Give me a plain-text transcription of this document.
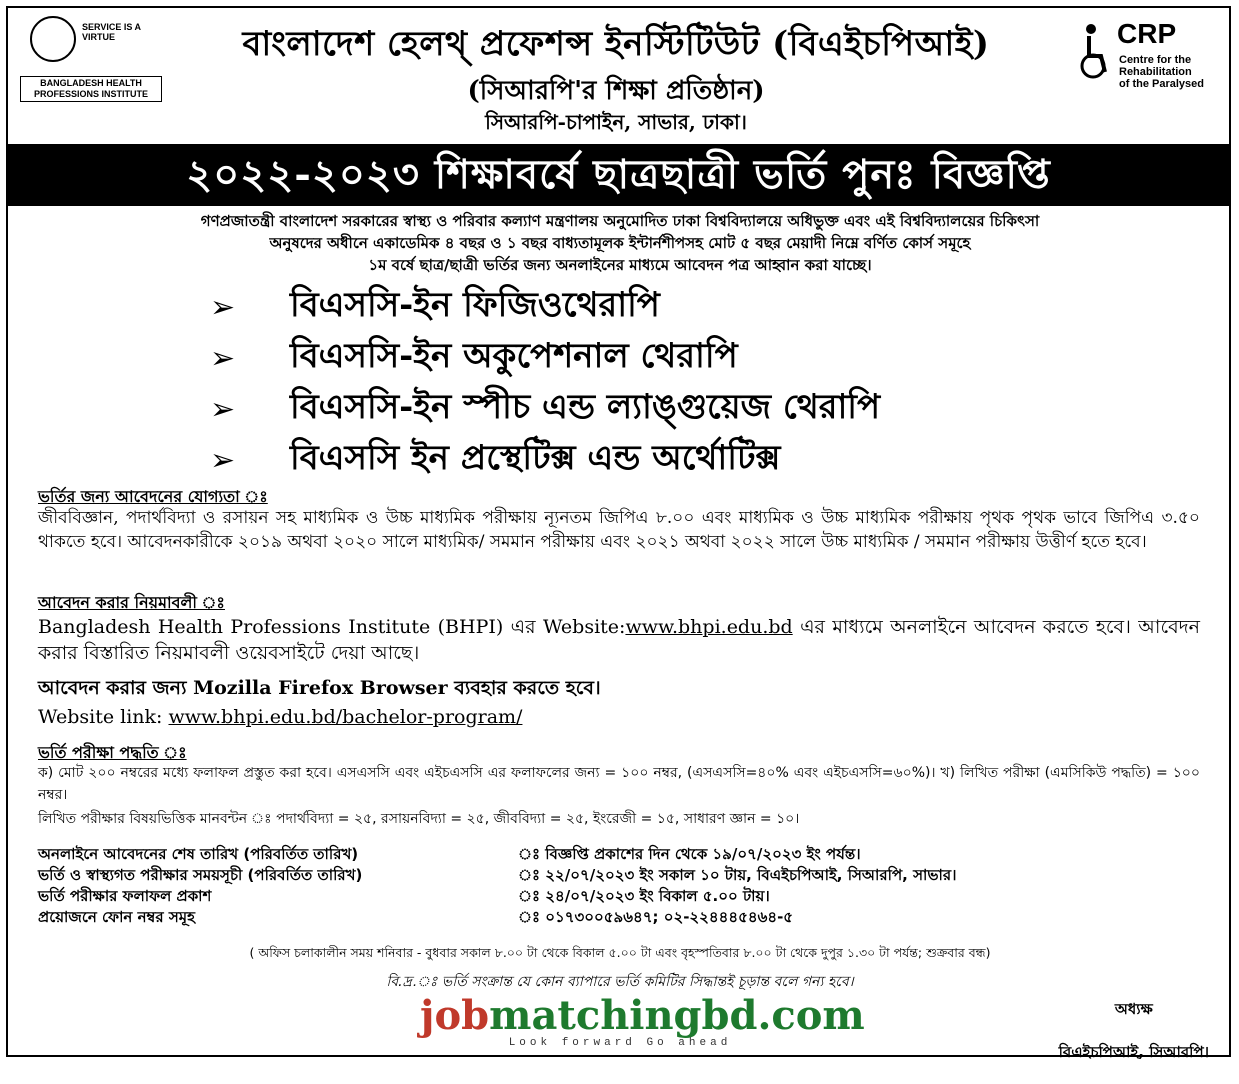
SERVICE IS A VIRTUE
BANGLADESH HEALTH
PROFESSIONS INSTITUTE
বাংলাদেশ হেলথ্ প্রফেশন্স ইনস্টিটিউট (বিএইচপিআই)
(সিআরপি'র শিক্ষা প্রতিষ্ঠান)
সিআরপি-চাপাইন, সাভার, ঢাকা।
CRP
Centre for the
Rehabilitation
of the Paralysed
২০২২-২০২৩ শিক্ষাবর্ষে ছাত্রছাত্রী ভর্তি পুনঃ বিজ্ঞপ্তি
গণপ্রজাতন্ত্রী বাংলাদেশ সরকারের স্বাস্থ্য ও পরিবার কল্যাণ মন্ত্রণালয় অনুমোদিত ঢাকা বিশ্ববিদ্যালয়ে অধিভুক্ত এবং এই বিশ্ববিদ্যালয়ের চিকিৎসা
অনুষদের অধীনে একাডেমিক ৪ বছর ও ১ বছর বাধ্যতামূলক ইন্টার্নশীপসহ মোট ৫ বছর মেয়াদী নিম্নে বর্ণিত কোর্স সমূহে
১ম বর্ষে ছাত্র/ছাত্রী ভর্তির জন্য অনলাইনের মাধ্যমে আবেদন পত্র আহ্বান করা যাচ্ছে।
➢	বিএসসি-ইন ফিজিওথেরাপি
➢	বিএসসি-ইন অকুপেশনাল থেরাপি
➢	বিএসসি-ইন স্পীচ এন্ড ল্যাঙ্গুয়েজ থেরাপি
➢	বিএসসি ইন প্রস্থেটিক্স এন্ড অর্থোটিক্স
ভর্তির জন্য আবেদনের যোগ্যতা ঃ
জীববিজ্ঞান, পদার্থবিদ্যা ও রসায়ন সহ মাধ্যমিক ও উচ্চ মাধ্যমিক পরীক্ষায় ন্যূনতম জিপিএ ৮.০০ এবং মাধ্যমিক ও উচ্চ মাধ্যমিক পরীক্ষায় পৃথক পৃথক ভাবে জিপিএ ৩.৫০ থাকতে হবে। আবেদনকারীকে ২০১৯ অথবা ২০২০ সালে মাধ্যমিক/ সমমান পরীক্ষায় এবং ২০২১ অথবা ২০২২ সালে উচ্চ মাধ্যমিক / সমমান পরীক্ষায় উত্তীর্ণ হতে হবে।
আবেদন করার নিয়মাবলী ঃ
Bangladesh Health Professions Institute (BHPI) এর Website:www.bhpi.edu.bd এর মাধ্যমে অনলাইনে আবেদন করতে হবে। আবেদন করার বিস্তারিত নিয়মাবলী ওয়েবসাইটে দেয়া আছে।
আবেদন করার জন্য Mozilla Firefox Browser ব্যবহার করতে হবে।
Website link: www.bhpi.edu.bd/bachelor-program/
ভর্তি পরীক্ষা পদ্ধতি ঃ
ক) মোট ২০০ নম্বরের মধ্যে ফলাফল প্রস্তুত করা হবে। এসএসসি এবং এইচএসসি এর ফলাফলের জন্য = ১০০ নম্বর, (এসএসসি=৪০% এবং এইচএসসি=৬০%)। খ) লিখিত পরীক্ষা (এমসিকিউ পদ্ধতি) = ১০০ নম্বর।
লিখিত পরীক্ষার বিষয়ভিত্তিক মানবন্টন ঃ পদার্থবিদ্যা = ২৫, রসায়নবিদ্যা = ২৫, জীববিদ্যা = ২৫, ইংরেজী = ১৫, সাধারণ জ্ঞান = ১০।
অনলাইনে আবেদনের শেষ তারিখ (পরিবর্তিত তারিখ)	ঃ বিজ্ঞপ্তি প্রকাশের দিন থেকে ১৯/০৭/২০২৩ ইং পর্যন্ত।
ভর্তি ও স্বাস্থ্যগত পরীক্ষার সময়সূচী (পরিবর্তিত তারিখ)	ঃ ২২/০৭/২০২৩ ইং সকাল ১০ টায়, বিএইচপিআই, সিআরপি, সাভার।
ভর্তি পরীক্ষার ফলাফল প্রকাশ	ঃ ২৪/০৭/২০২৩ ইং বিকাল ৫.০০ টায়।
প্রয়োজনে ফোন নম্বর সমূহ	ঃ ০১৭৩০০৫৯৬৪৭; ০২-২২৪৪৪৫৪৬৪-৫
( অফিস চলাকালীন সময় শনিবার - বুধবার সকাল ৮.০০ টা থেকে বিকাল ৫.০০ টা এবং বৃহস্পতিবার ৮.০০ টা থেকে দুপুর ১.৩০ টা পর্যন্ত; শুক্রবার বন্ধ)
বি.দ্র.ঃ ভর্তি সংক্রান্ত যে কোন ব্যাপারে ভর্তি কমিটির সিদ্ধান্তই চূড়ান্ত বলে গন্য হবে।
jobmatchingbd.com
Look forward Go ahead
অধ্যক্ষ
বিএইচপিআই, সিআরপি।
